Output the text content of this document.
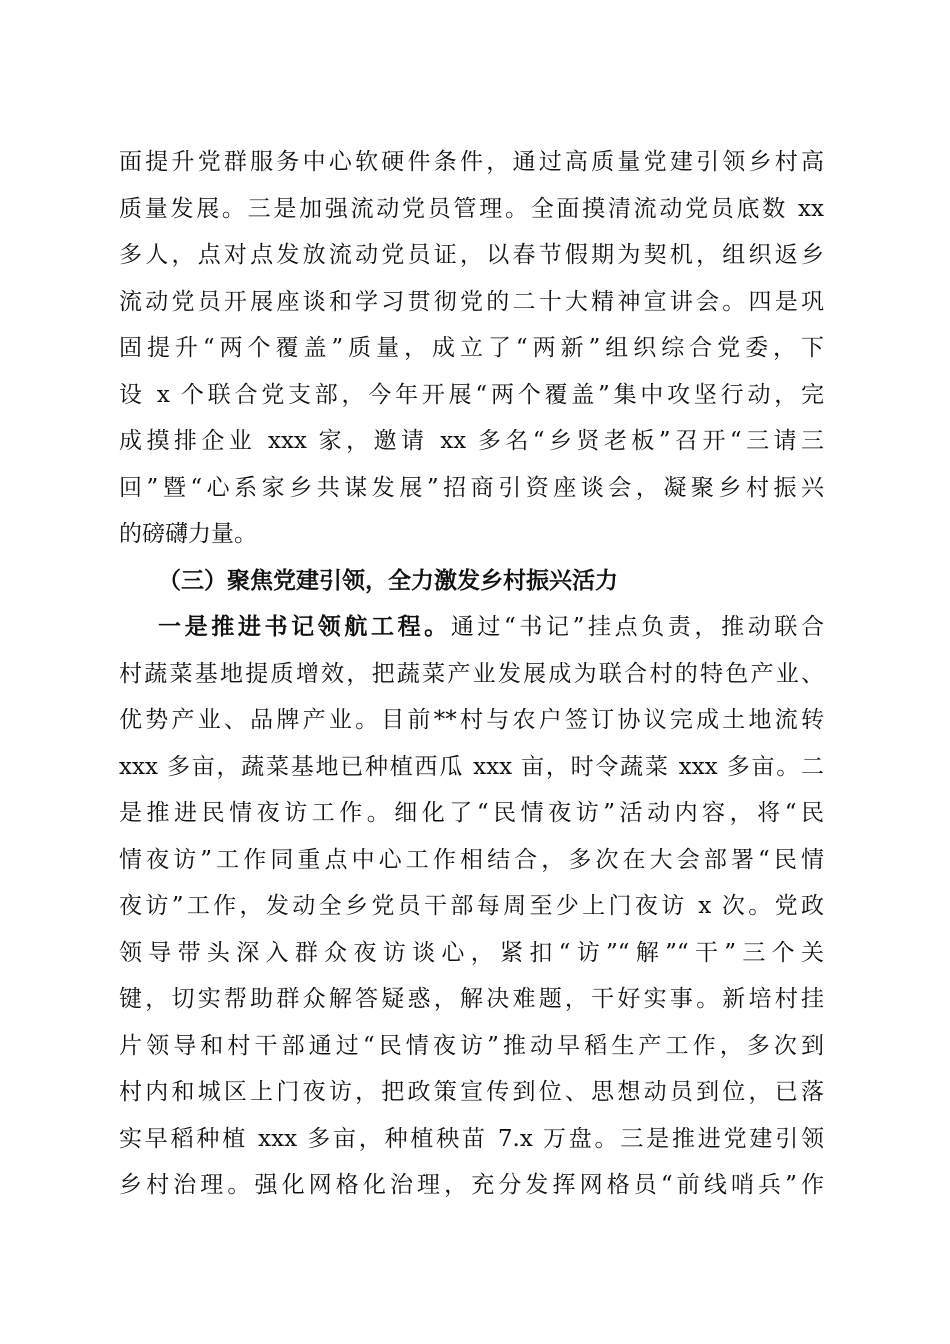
面提升党群服务中心软硬件条件，通过高质量党建引领乡村高
质量发展。三是加强流动党员管理。全面摸清流动党员底数 xx
多人，点对点发放流动党员证，以春节假期为契机，组织返乡
流动党员开展座谈和学习贯彻党的二十大精神宣讲会。四是巩
固提升“两个覆盖”质量，成立了“两新”组织综合党委，下
设 x 个联合党支部，今年开展“两个覆盖”集中攻坚行动，完
成摸排企业 xxx 家，邀请 xx 多名“乡贤老板”召开“三请三
回”暨“心系家乡共谋发展”招商引资座谈会，凝聚乡村振兴
的磅礴力量。
（三）聚焦党建引领，全力激发乡村振兴活力
一是推进书记领航工程。通过“书记”挂点负责，推动联合
村蔬菜基地提质增效，把蔬菜产业发展成为联合村的特色产业、
优势产业、品牌产业。目前**村与农户签订协议完成土地流转
xxx 多亩，蔬菜基地已种植西瓜 xxx 亩，时令蔬菜 xxx 多亩。二
是推进民情夜访工作。细化了“民情夜访”活动内容，将“民
情夜访”工作同重点中心工作相结合，多次在大会部署“民情
夜访”工作，发动全乡党员干部每周至少上门夜访 x 次。党政
领导带头深入群众夜访谈心，紧扣“访”“解”“干”三个关
键，切实帮助群众解答疑惑，解决难题，干好实事。新培村挂
片领导和村干部通过“民情夜访”推动早稻生产工作，多次到
村内和城区上门夜访，把政策宣传到位、思想动员到位，已落
实早稻种植 xxx 多亩，种植秧苗 7.x 万盘。三是推进党建引领
乡村治理。强化网格化治理，充分发挥网格员“前线哨兵”作
